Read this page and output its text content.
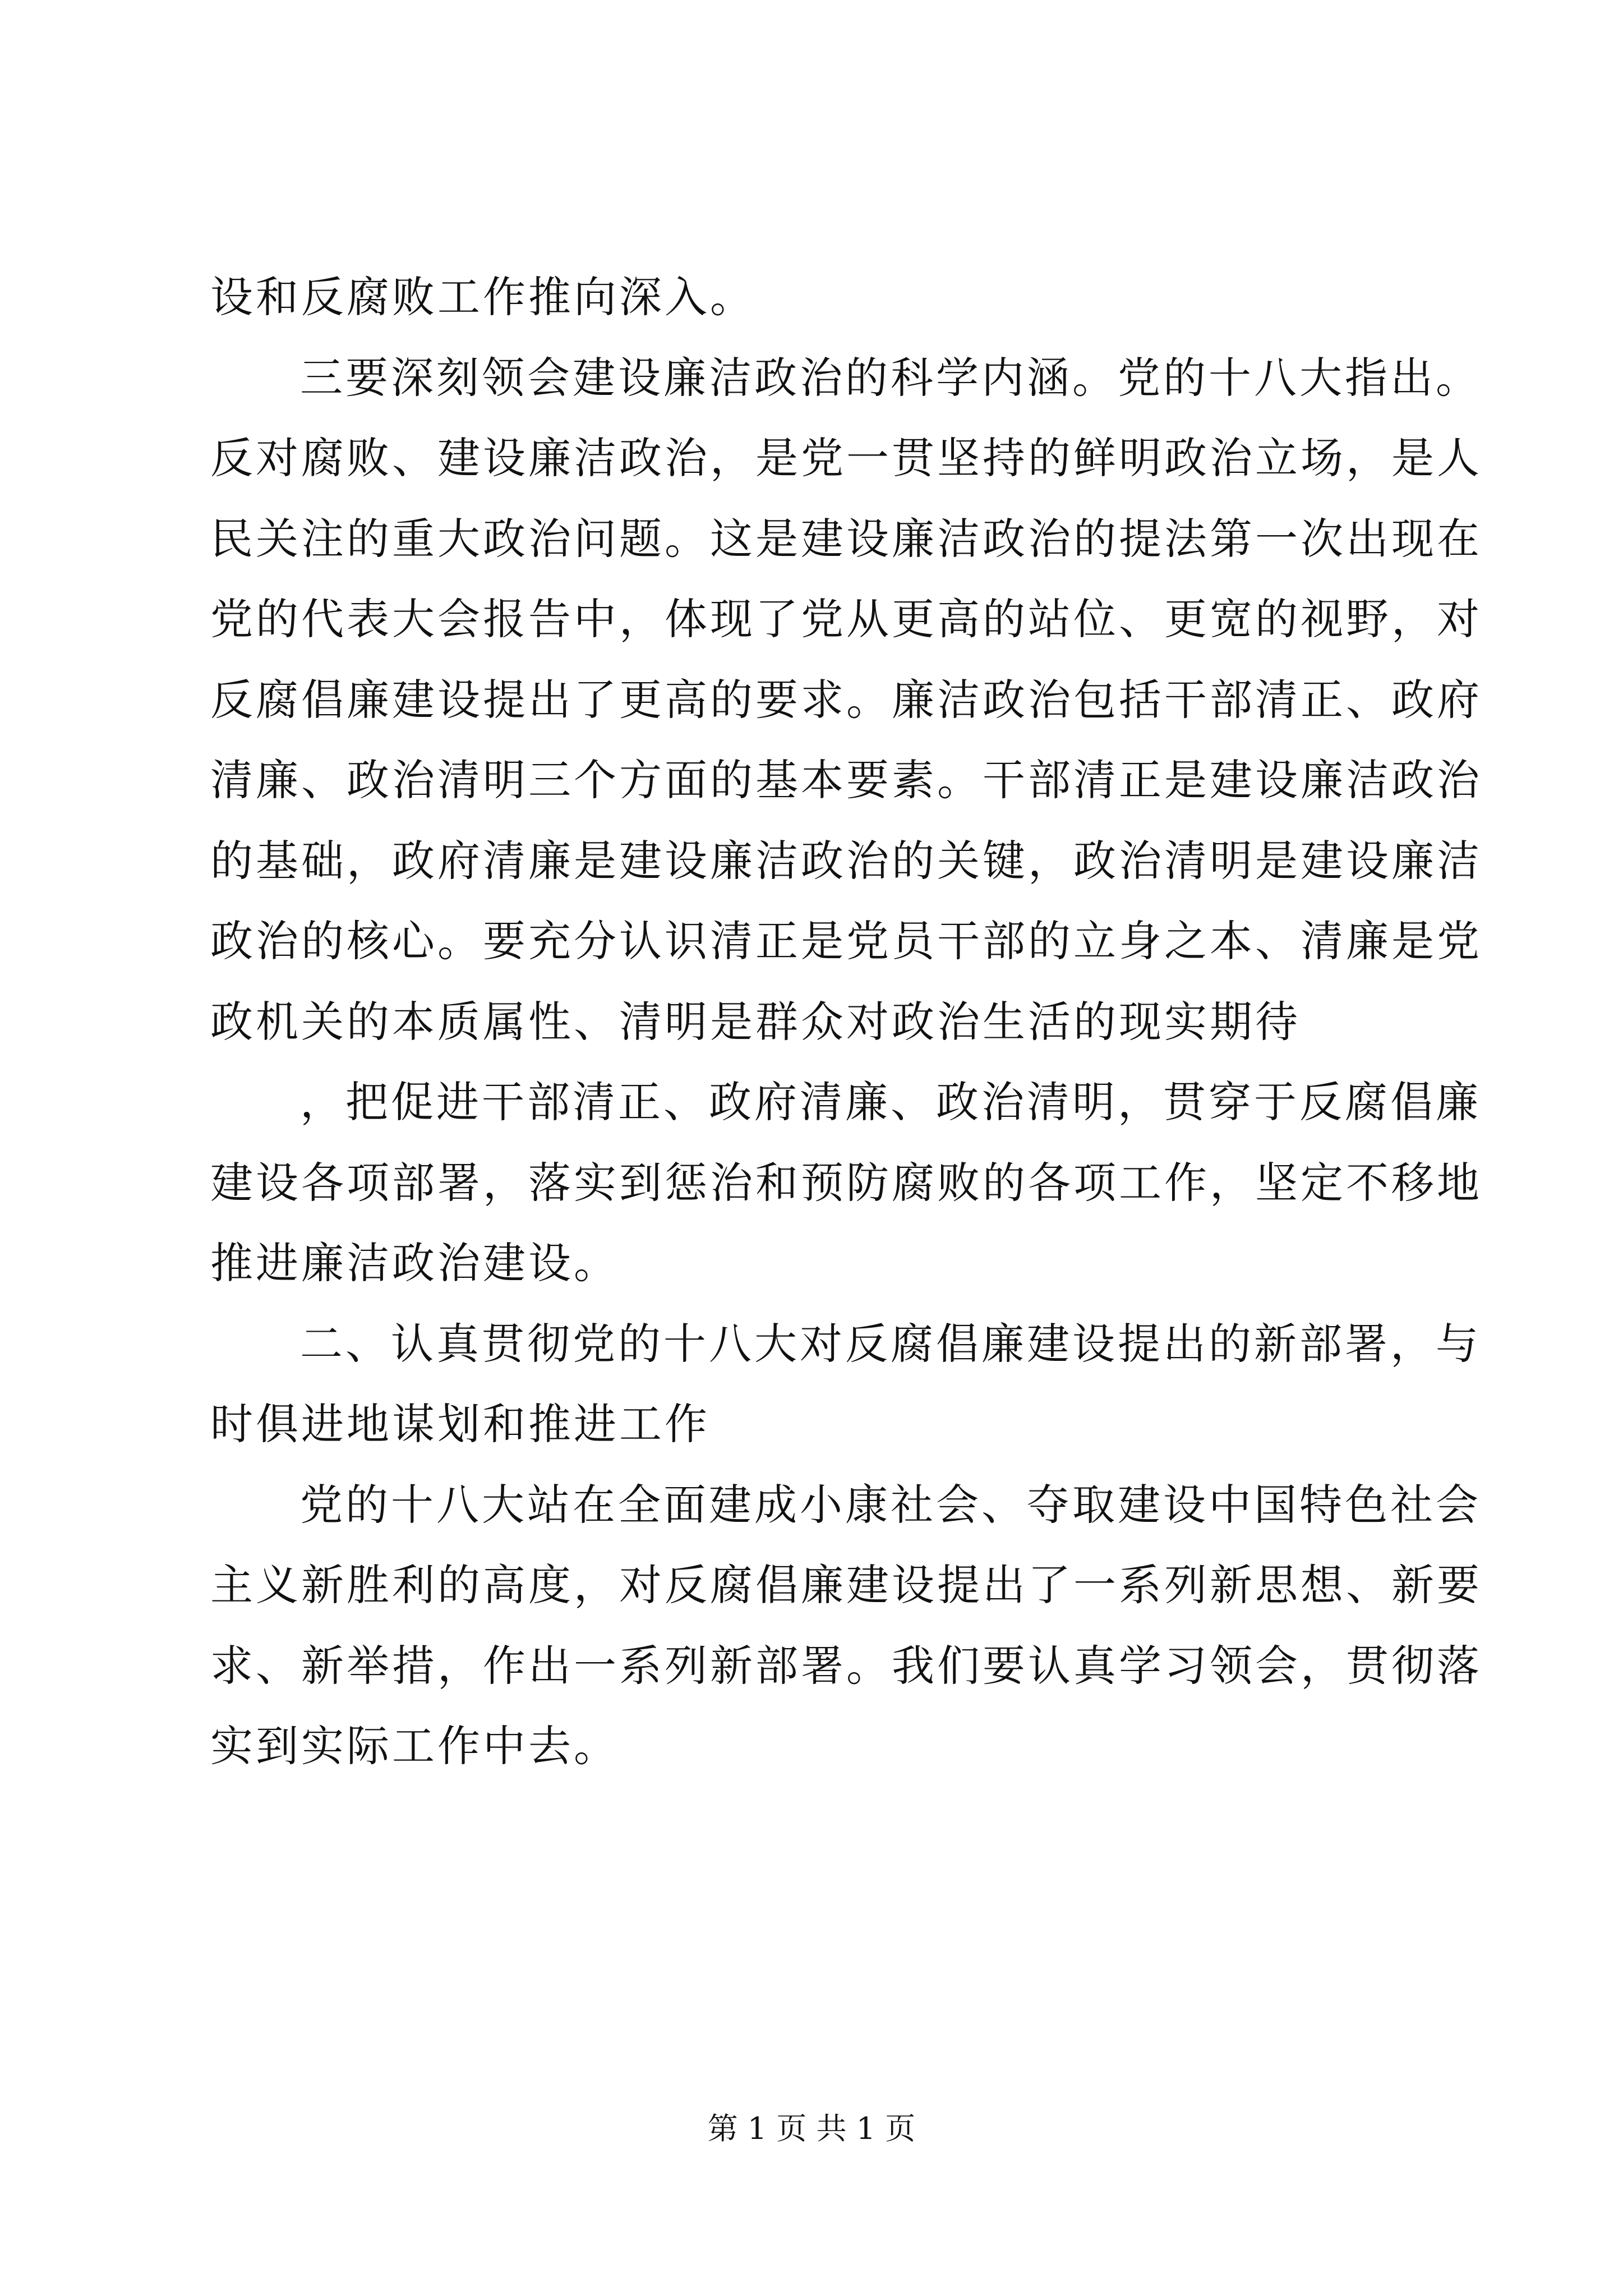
设和反腐败工作推向深入。
三要深刻领会建设廉洁政治的科学内涵。党的十八大指出。
反对腐败、建设廉洁政治，是党一贯坚持的鲜明政治立场，是人
民关注的重大政治问题。这是建设廉洁政治的提法第一次出现在
党的代表大会报告中，体现了党从更高的站位、更宽的视野，对
反腐倡廉建设提出了更高的要求。廉洁政治包括干部清正、政府
清廉、政治清明三个方面的基本要素。干部清正是建设廉洁政治
的基础，政府清廉是建设廉洁政治的关键，政治清明是建设廉洁
政治的核心。要充分认识清正是党员干部的立身之本、清廉是党
政机关的本质属性、清明是群众对政治生活的现实期待
，把促进干部清正、政府清廉、政治清明，贯穿于反腐倡廉
建设各项部署，落实到惩治和预防腐败的各项工作，坚定不移地
推进廉洁政治建设。
二、认真贯彻党的十八大对反腐倡廉建设提出的新部署，与
时俱进地谋划和推进工作
党的十八大站在全面建成小康社会、夺取建设中国特色社会
主义新胜利的高度，对反腐倡廉建设提出了一系列新思想、新要
求、新举措，作出一系列新部署。我们要认真学习领会，贯彻落
实到实际工作中去。
第 1 页 共 1 页
